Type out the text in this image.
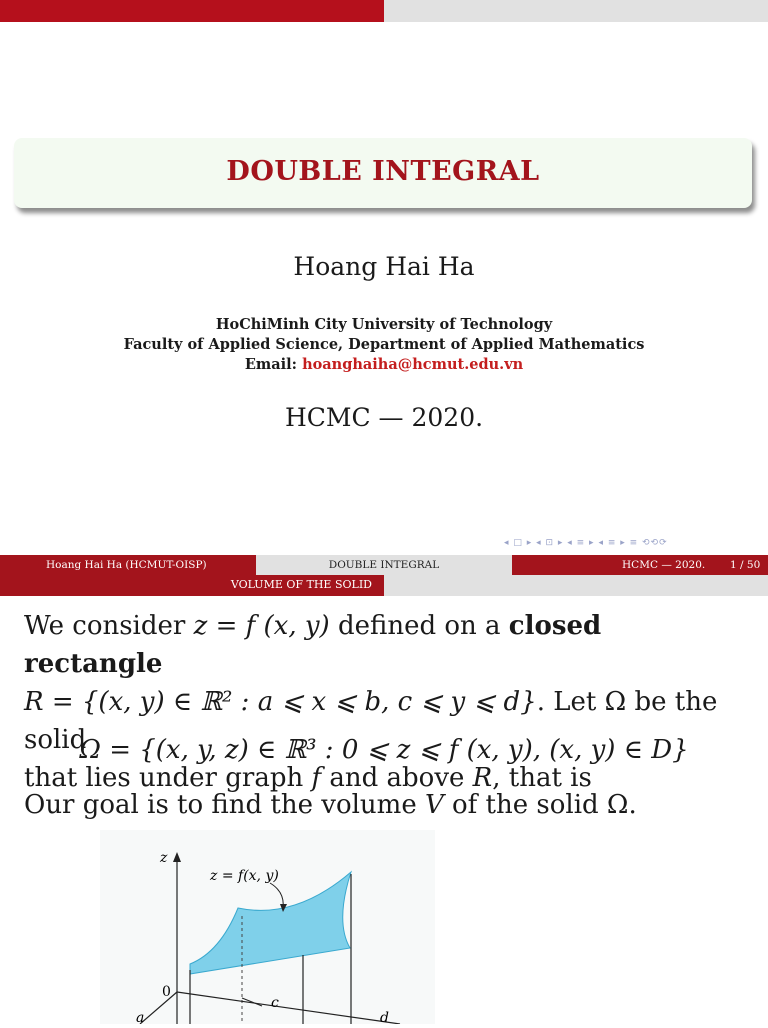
DOUBLE INTEGRAL
Hoang Hai Ha
HoChiMinh City University of Technology
Faculty of Applied Science, Department of Applied Mathematics
Email: hoanghaiha@hcmut.edu.vn
HCMC — 2020.
◂ □ ▸ ◂ ⊡ ▸ ◂ ≡ ▸ ◂ ≡ ▸ ≡ ⟲⟲⟳
Hoang Hai Ha (HCMUT-OISP)	DOUBLE INTEGRAL	HCMC — 2020. 1 / 50
VOLUME OF THE SOLID
We consider z = f (x, y) defined on a closed rectangle
R = {(x, y) ∈ ℝ² : a ⩽ x ⩽ b, c ⩽ y ⩽ d}. Let Ω be the solid
that lies under graph f and above R, that is
Ω = {(x, y, z) ∈ ℝ³ : 0 ⩽ z ⩽ f (x, y), (x, y) ∈ D}
Our goal is to find the volume V of the solid Ω.
z
z = f(x, y)
0
a
c
d
